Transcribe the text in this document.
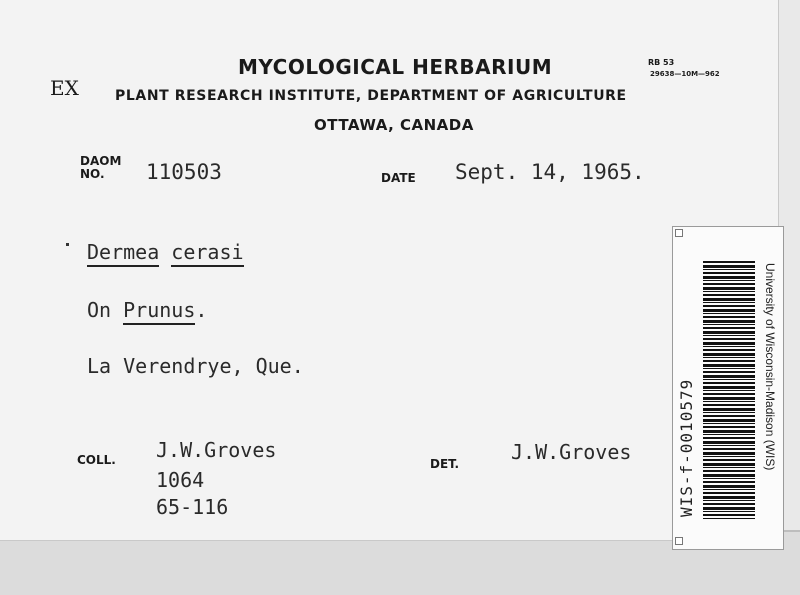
EX
MYCOLOGICAL HERBARIUM	RB 53
29638—10M—962
PLANT RESEARCH INSTITUTE, DEPARTMENT OF AGRICULTURE
OTTAWA, CANADA
DAOM
NO. 110503	DATE Sept. 14, 1965.
Dermea cerasi
On Prunus.
La Verendrye, Que.
COLL. J.W.Groves
1064
65-116
DET.	J.W.Groves	WIS-f-0010579	University of Wisconsin-Madison (WIS)
